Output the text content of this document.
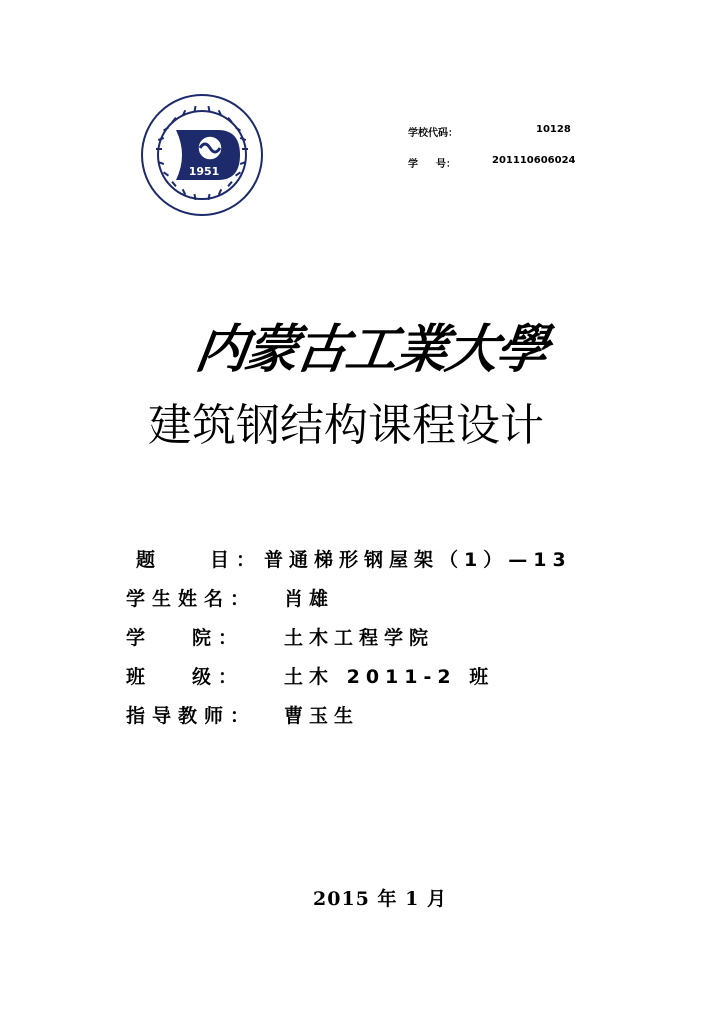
1951
学校代码：	10128
学 号：	201110606024
内蒙古工業大學
建筑钢结构课程设计
题	目： 普通梯形钢屋架（1）—13
学生姓名： 肖雄
学 院： 土木工程学院
班 级： 土木 2011-2 班
指导教师： 曹玉生
2015 年 1 月
